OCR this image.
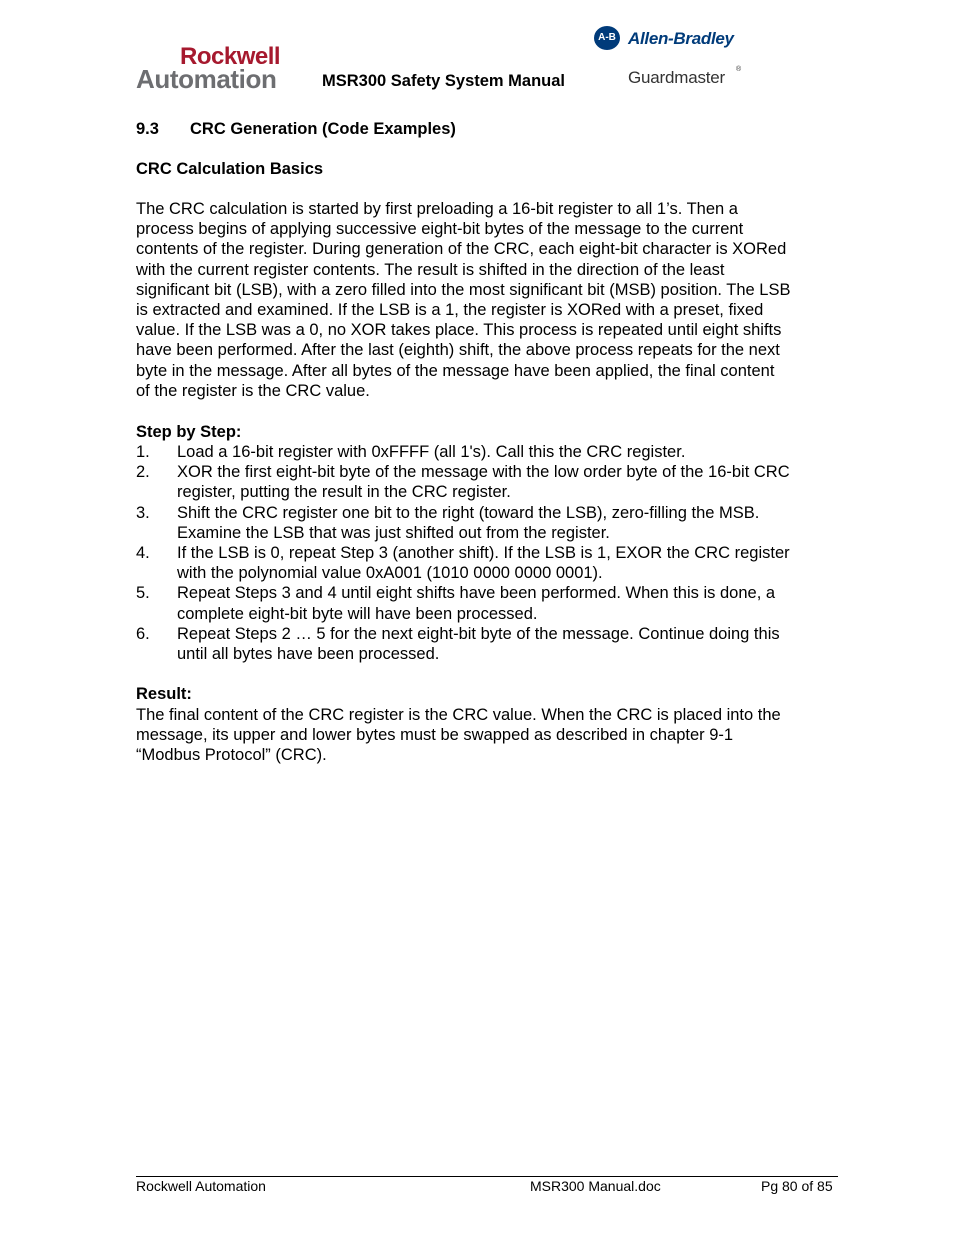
Rockwell
Automation	MSR300 Safety System Manual
A-B Allen-Bradley
Guardmaster ®
9.3 CRC Generation (Code Examples)
CRC Calculation Basics

The CRC calculation is started by first preloading a 16-bit register to all 1’s. Then a
process begins of applying successive eight-bit bytes of the message to the current
contents of the register. During generation of the CRC, each eight-bit character is XORed
with the current register contents. The result is shifted in the direction of the least
significant bit (LSB), with a zero filled into the most significant bit (MSB) position. The LSB
is extracted and examined. If the LSB is a 1, the register is XORed with a preset, fixed
value. If the LSB was a 0, no XOR takes place. This process is repeated until eight shifts
have been performed. After the last (eighth) shift, the above process repeats for the next
byte in the message. After all bytes of the message have been applied, the final content
of the register is the CRC value.

Step by Step:
1. Load a 16-bit register with 0xFFFF (all 1's). Call this the CRC register.
2. XOR the first eight-bit byte of the message with the low order byte of the 16-bit CRC
register, putting the result in the CRC register.
3. Shift the CRC register one bit to the right (toward the LSB), zero-filling the MSB.
Examine the LSB that was just shifted out from the register.
4. If the LSB is 0, repeat Step 3 (another shift). If the LSB is 1, EXOR the CRC register
with the polynomial value 0xA001 (1010 0000 0000 0001).
5. Repeat Steps 3 and 4 until eight shifts have been performed. When this is done, a
complete eight-bit byte will have been processed.
6. Repeat Steps 2 … 5 for the next eight-bit byte of the message. Continue doing this
until all bytes have been processed.
Result:

The final content of the CRC register is the CRC value. When the CRC is placed into the
message, its upper and lower bytes must be swapped as described in chapter 9-1
“Modbus Protocol” (CRC).

Rockwell Automation	MSR300 Manual.doc	Pg 80 of 85
